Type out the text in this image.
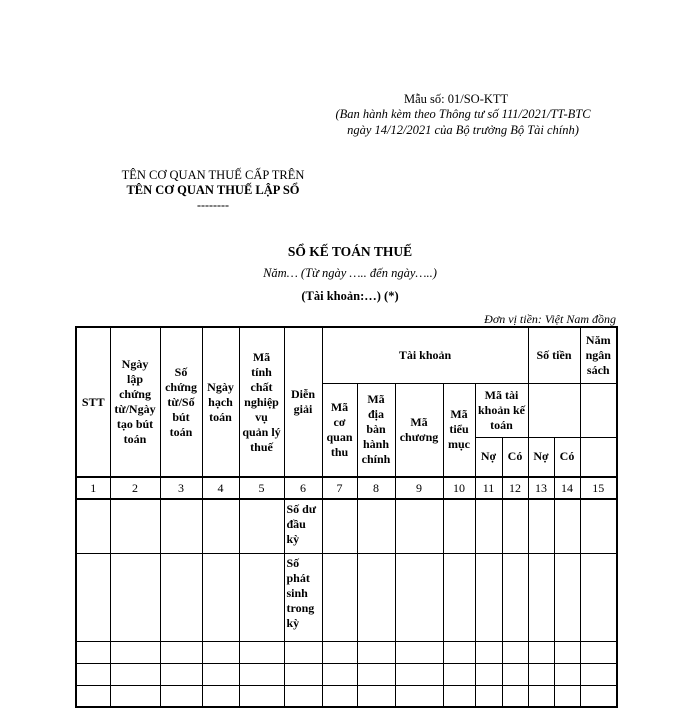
Mẫu số: 01/SO-KTT
(Ban hành kèm theo Thông tư số 111/2021/TT-BTC
ngày 14/12/2021 của Bộ trưởng Bộ Tài chính)
TÊN CƠ QUAN THUẾ CẤP TRÊN
TÊN CƠ QUAN THUẾ LẬP SỔ
--------
SỔ KẾ TOÁN THUẾ
Năm… (Từ ngày ….. đến ngày…..)
(Tài khoản:…) (*)
Đơn vị tiền: Việt Nam đồng
STT	Ngày lập chứng từ/Ngày tạo bút toán	Số chứng từ/Số bút toán	Ngày hạch toán	Mã tính chất nghiệp vụ quản lý thuế	Diễn giải	Tài khoản						Số tiền		Năm ngân sách
						Mã cơ quan thu	Mã địa bàn hành chính	Mã chương	Mã tiểu mục	Mã tài khoản kế toán				
										Nợ	Có	Nợ	Có	
1	2	3	4	5	6	7	8	9	10	11	12	13	14	15
					Số dư đầu kỳ									
					Số phát sinh trong kỳ									
